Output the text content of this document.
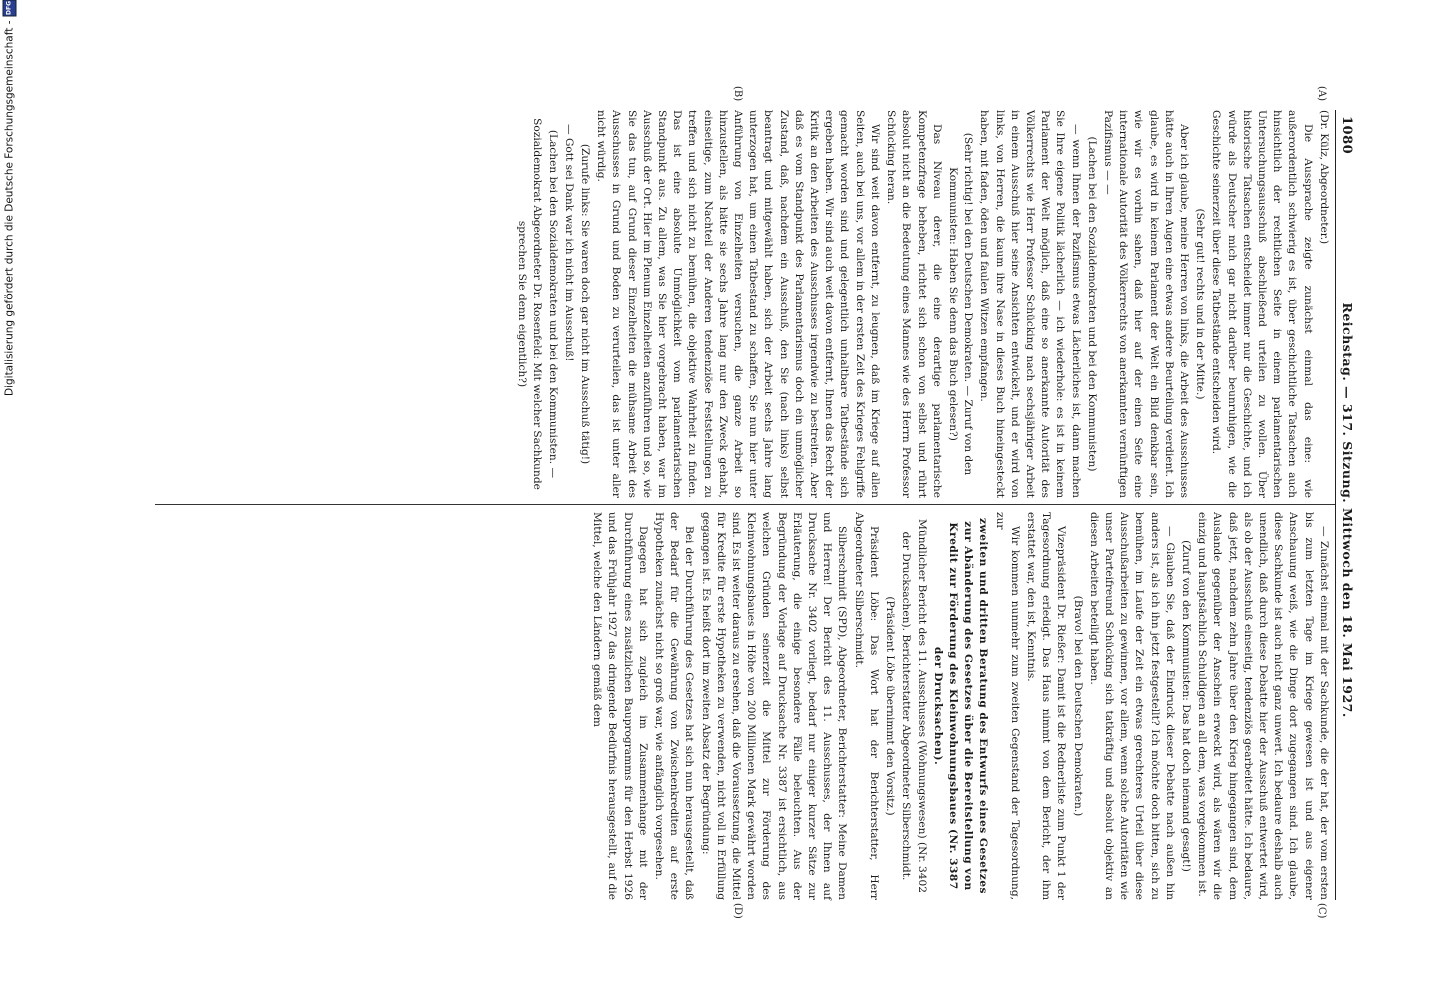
Digitalisierung gefördert durch die Deutsche Forschungsgemeinschaft -
DFG
1080
Reichstag. — 317. Sitzung. Mittwoch den 18. Mai 1927.
(A)
(B)
(C)
(D)

(Dr. Külz, Abgeordneter.)

Die Aussprache zeigte zunächst einmal das eine: wie außerordentlich schwierig es ist, über geschichtliche Tatsachen auch hinsichtlich der rechtlichen Seite in einem parlamentarischen Untersuchungsausschuß abschließend urteilen zu wollen. Über historische Tatsachen entscheidet immer nur die Geschichte, und ich würde als Deutscher mich gar nicht darüber beunruhigen, wie die Geschichte seinerzeit über diese Tatbestände entscheiden wird.

(Sehr gut! rechts und in der Mitte.)

Aber ich glaube, meine Herren von links, die Arbeit des Ausschusses hätte auch in Ihren Augen eine etwas andere Beurteilung verdient. Ich glaube, es wird in keinem Parlament der Welt ein Bild denkbar sein, wie wir es vorhin sahen, daß hier auf der einen Seite eine internationale Autorität des Völkerrechts von anerkannten vernünftigen Pazifismus — —

(Lachen bei den Sozialdemokraten und bei den Kommunisten)

— wenn Ihnen der Pazifismus etwas Lächerliches ist, dann machen Sie Ihre eigene Politik lächerlich — ich wiederhole: es ist in keinem Parlament der Welt möglich, daß eine so anerkannte Autorität des Völkerrechts wie Herr Professor Schücking nach sechsjähriger Arbeit in einem Ausschuß hier seine Ansichten entwickelt, und er wird von links, von Herren, die kaum ihre Nase in dieses Buch hineingesteckt haben, mit faden, öden und faulen Witzen empfangen.

(Sehr richtig! bei den Deutschen Demokraten. — Zuruf von den Kommunisten: Haben Sie denn das Buch gelesen?)

Das Niveau derer, die eine derartige parlamentarische Kompetenzfrage beheben, richtet sich schon von selbst und rührt absolut nicht an die Bedeutung eines Mannes wie des Herrn Professor Schücking heran.

Wir sind weit davon entfernt, zu leugnen, daß im Kriege auf allen Seiten, auch bei uns, vor allem in der ersten Zeit des Krieges Fehlgriffe gemacht worden sind und gelegentlich unhaltbare Tatbestände sich ergeben haben. Wir sind auch weit davon entfernt, Ihnen das Recht der Kritik an den Arbeiten des Ausschusses irgendwie zu bestreiten. Aber daß es vom Standpunkt des Parlamentarismus doch ein unmöglicher Zustand, daß, nachdem ein Ausschuß, den Sie (nach links) selbst beantragt und mitgewählt haben, sich der Arbeit sechs Jahre lang unterzogen hat, um einen Tatbestand zu schaffen, Sie nun hier unter Anführung von Einzelheiten versuchen, die ganze Arbeit so hinzustellen, als hätte sie sechs Jahre lang nur den Zweck gehabt, einseitige, zum Nachteil der Anderen tendenziöse Feststellungen zu treffen und sich nicht zu bemühen, die objektive Wahrheit zu finden. Das ist eine absolute Unmöglichkeit vom parlamentarischen Standpunkt aus. Zu allem, was Sie hier vorgebracht haben, war im Ausschuß der Ort. Hier im Plenum Einzelheiten anzuführen und so, wie Sie das tun, auf Grund dieser Einzelheiten die mühsame Arbeit des Ausschusses in Grund und Boden zu verurteilen, das ist unter aller nicht würdig.

(Zurufe links: Sie waren doch gar nicht im Ausschuß tätig!)

— Gott sei Dank war ich nicht im Ausschuß!

(Lachen bei den Sozialdemokraten und bei den Kommunisten. — Sozialdemokrat Abgeordneter Dr. Rosenfeld: Mit welcher Sachkunde sprechen Sie denn eigentlich?)

— Zunächst einmal mit der Sachkunde, die der hat, der vom ersten bis zum letzten Tage im Kriege gewesen ist und aus eigener Anschauung weiß, wie die Dinge dort zugegangen sind. Ich glaube, diese Sachkunde ist auch nicht ganz unwert. Ich bedaure deshalb auch unendlich, daß durch diese Debatte hier der Ausschuß entwertet wird, als ob der Ausschuß einseitig, tendenziös gearbeitet hätte. Ich bedaure, daß jetzt, nachdem zehn Jahre über den Krieg hingegangen sind, dem Auslande gegenüber der Anschein erweckt wird, als wären wir die einzig und hauptsächlich Schuldigen an all dem, was vorgekommen ist.

(Zuruf von den Kommunisten: Das hat doch niemand gesagt!)

— Glauben Sie, daß der Eindruck dieser Debatte nach außen hin anders ist, als ich ihn jetzt festgestellt? Ich möchte doch bitten, sich zu bemühen, im Laufe der Zeit ein etwas gerechteres Urteil über diese Ausschußarbeiten zu gewinnen, vor allem, wenn solche Autoritäten wie unser Parteifreund Schücking sich tatkräftig und absolut objektiv an diesen Arbeiten beteiligt haben.

(Bravo! bei den Deutschen Demokraten.)

Vizepräsident Dr. Rießer: Damit ist die Rednerliste zum Punkt 1 der Tagesordnung erledigt. Das Haus nimmt von dem Bericht, der ihm erstattet war, den ist, Kenntnis.

Wir kommen nunmehr zum zweiten Gegenstand der Tagesordnung, zur

zweiten und dritten Beratung des Entwurfs eines Gesetzes zur Abänderung des Gesetzes über die Bereitstellung von Kredit zur Förderung des Kleinwohnungsbaues (Nr. 3387 der Drucksachen).

Mündlicher Bericht des 11. Ausschusses (Wohnungswesen) (Nr. 3402 der Drucksachen). Berichterstatter Abgeordneter Silberschmidt.

(Präsident Löbe übernimmt den Vorsitz.)

Präsident Löbe: Das Wort hat der Berichterstatter, Herr Abgeordneter Silberschmidt.

Silberschmidt (SPD), Abgeordneter, Berichterstatter: Meine Damen und Herren! Der Bericht des 11. Ausschusses, der Ihnen auf Drucksache Nr. 3402 vorliegt, bedarf nur einiger kurzer Sätze zur Erläuterung, die einige besondere Fälle beleuchten. Aus der Begründung der Vorlage auf Drucksache Nr. 3387 ist ersichtlich, aus welchen Gründen seinerzeit die Mittel zur Förderung des Kleinwohnungsbaues in Höhe von 200 Millionen Mark gewährt worden sind. Es ist weiter daraus zu ersehen, daß die Voraussetzung, die Mittel für Kredite für erste Hypotheken zu verwenden, nicht voll in Erfüllung gegangen ist. Es heißt dort im zweiten Absatz der Begründung:

Bei der Durchführung des Gesetzes hat sich nun herausgestellt, daß der Bedarf für die Gewährung von Zwischenkrediten auf erste Hypotheken zunächst nicht so groß war, wie anfänglich vorgesehen.

Dagegen hat sich zugleich im Zusammenhange mit der Durchführung eines zusätzlichen Bauprogramms für den Herbst 1926 und das Frühjahr 1927 das dringende Bedürfnis herausgestellt, auf die Mittel, welche den Ländern gemäß dem
